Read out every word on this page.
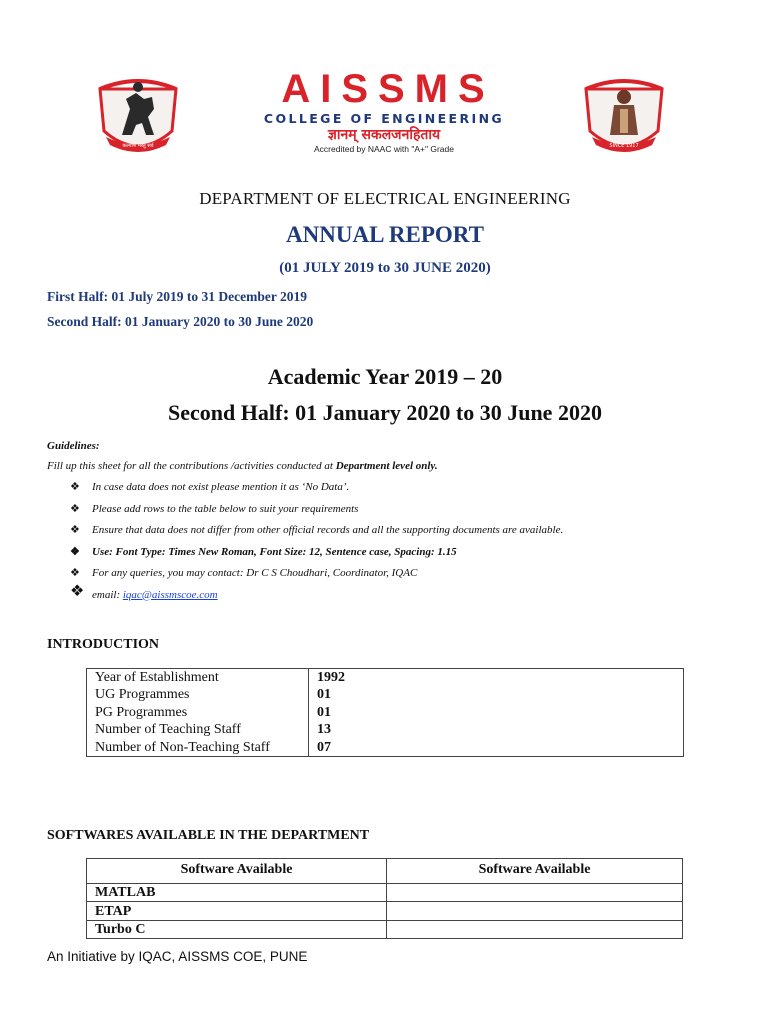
कल्याण मस्तु सर्व
AISSMS
COLLEGE OF ENGINEERING
ज्ञानम् सकलजनहिताय
Accredited by NAAC with "A+" Grade	SINCE 1917
DEPARTMENT OF ELECTRICAL ENGINEERING
ANNUAL REPORT
(01 JULY 2019 to 30 JUNE 2020)
First Half: 01 July 2019 to 31 December 2019
Second Half: 01 January 2020 to 30 June 2020
Academic Year 2019 – 20
Second Half: 01 January 2020 to 30 June 2020
Guidelines:
Fill up this sheet for all the contributions /activities conducted at Department level only.
❖ In case data does not exist please mention it as ‘No Data’.
❖ Please add rows to the table below to suit your requirements
❖ Ensure that data does not differ from other official records and all the supporting documents are available.
❖ Use: Font Type: Times New Roman, Font Size: 12, Sentence case, Spacing: 1.15
❖ For any queries, you may contact: Dr C S Choudhari, Coordinator, IQAC
❖ email: iqac@aissmscoe.com
INTRODUCTION
Year of Establishment	1992
UG Programmes	01
PG Programmes	01
Number of Teaching Staff	13
Number of Non-Teaching Staff	07
SOFTWARES AVAILABLE IN THE DEPARTMENT
Software Available	Software Available
MATLAB	
ETAP	
Turbo C	
An Initiative by IQAC, AISSMS COE, PUNE
